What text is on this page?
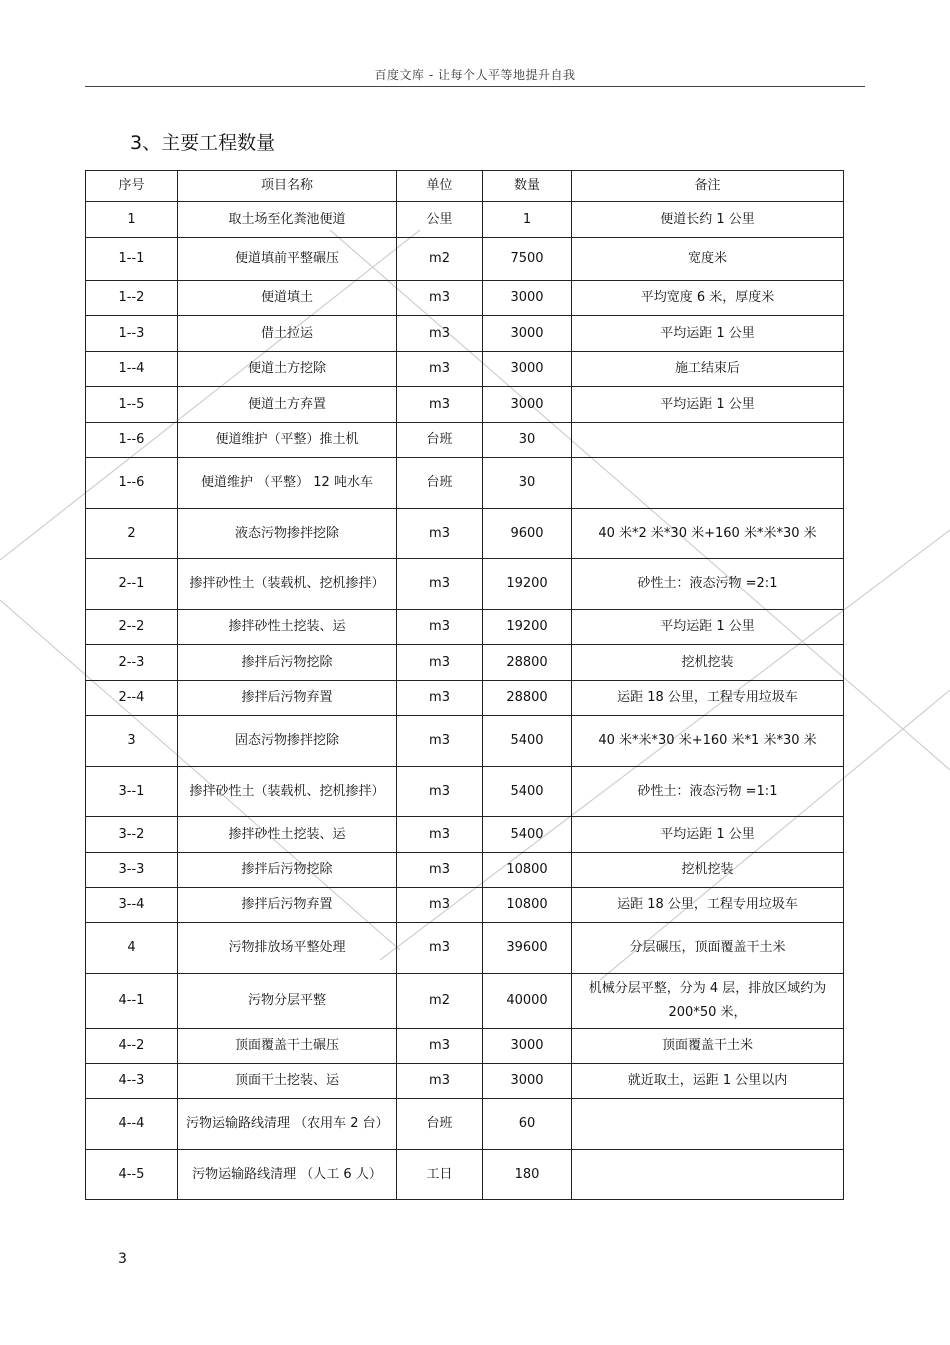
百度文库 - 让每个人平等地提升自我
3、主要工程数量
序号	项目名称	单位	数量	备注
1	取土场至化粪池便道	公里	1	便道长约 1 公里
1--1	便道填前平整碾压	m2	7500	宽度米
1--2	便道填土	m3	3000	平均宽度 6 米，厚度米
1--3	借土拉运	m3	3000	平均运距 1 公里
1--4	便道土方挖除	m3	3000	施工结束后
1--5	便道土方弃置	m3	3000	平均运距 1 公里
1--6	便道维护（平整）推土机	台班	30	
1--6	便道维护 （平整） 12 吨水车	台班	30	
2	液态污物掺拌挖除	m3	9600	40 米*2 米*30 米+160 米*米*30 米
2--1	掺拌砂性土（装载机、挖机掺拌）	m3	19200	砂性土：液态污物 =2:1
2--2	掺拌砂性土挖装、运	m3	19200	平均运距 1 公里
2--3	掺拌后污物挖除	m3	28800	挖机挖装
2--4	掺拌后污物弃置	m3	28800	运距 18 公里，工程专用垃圾车
3	固态污物掺拌挖除	m3	5400	40 米*米*30 米+160 米*1 米*30 米
3--1	掺拌砂性土（装载机、挖机掺拌）	m3	5400	砂性土：液态污物 =1:1
3--2	掺拌砂性土挖装、运	m3	5400	平均运距 1 公里
3--3	掺拌后污物挖除	m3	10800	挖机挖装
3--4	掺拌后污物弃置	m3	10800	运距 18 公里，工程专用垃圾车
4	污物排放场平整处理	m3	39600	分层碾压，顶面覆盖干土米
4--1	污物分层平整	m2	40000	机械分层平整，分为 4 层，排放区域约为 200*50 米，
4--2	顶面覆盖干土碾压	m3	3000	顶面覆盖干土米
4--3	顶面干土挖装、运	m3	3000	就近取土，运距 1 公里以内
4--4	污物运输路线清理 （农用车 2 台）	台班	60	
4--5	污物运输路线清理 （人工 6 人）	工日	180	
3
